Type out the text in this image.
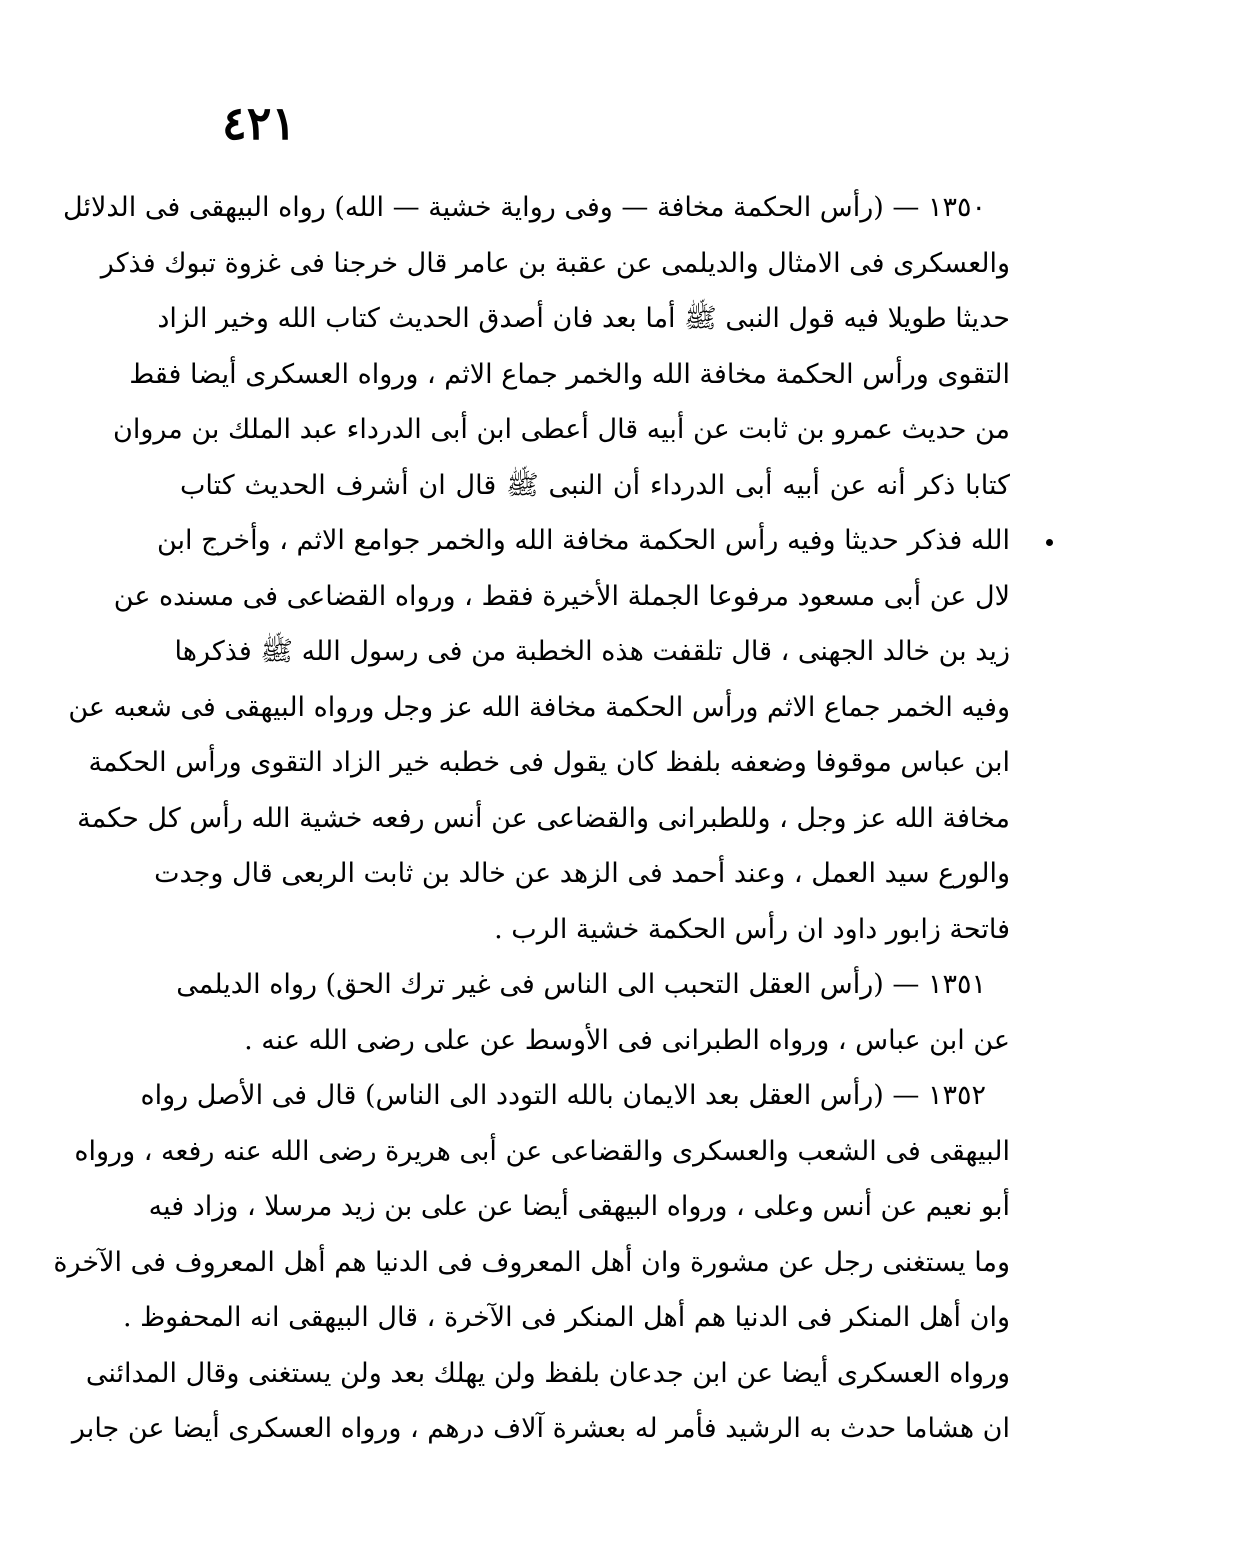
٤٢١
١٣٥٠ — (رأس الحكمة مخافة — وفى رواية خشية — الله) رواه البيهقى فى الدلائل
والعسكرى فى الامثال والديلمى عن عقبة بن عامر قال خرجنا فى غزوة تبوك فذكر
حديثا طويلا فيه قول النبى ﷺ أما بعد فان أصدق الحديث كتاب الله وخير الزاد
التقوى ورأس الحكمة مخافة الله والخمر جماع الاثم ، ورواه العسكرى أيضا فقط
من حديث عمرو بن ثابت عن أبيه قال أعطى ابن أبى الدرداء عبد الملك بن مروان
كتابا ذكر أنه عن أبيه أبى الدرداء أن النبى ﷺ قال ان أشرف الحديث كتاب
الله فذكر حديثا وفيه رأس الحكمة مخافة الله والخمر جوامع الاثم ، وأخرج ابن
لال عن أبى مسعود مرفوعا الجملة الأخيرة فقط ، ورواه القضاعى فى مسنده عن
زيد بن خالد الجهنى ، قال تلقفت هذه الخطبة من فى رسول الله ﷺ فذكرها
وفيه الخمر جماع الاثم ورأس الحكمة مخافة الله عز وجل ورواه البيهقى فى شعبه عن
ابن عباس موقوفا وضعفه بلفظ كان يقول فى خطبه خير الزاد التقوى ورأس الحكمة
مخافة الله عز وجل ، وللطبرانى والقضاعى عن أنس رفعه خشية الله رأس كل حكمة
والورع سيد العمل ، وعند أحمد فى الزهد عن خالد بن ثابت الربعى قال وجدت
فاتحة زابور داود ان رأس الحكمة خشية الرب .
١٣٥١ — (رأس العقل التحبب الى الناس فى غير ترك الحق) رواه الديلمى
عن ابن عباس ، ورواه الطبرانى فى الأوسط عن على رضى الله عنه .
١٣٥٢ — (رأس العقل بعد الايمان بالله التودد الى الناس) قال فى الأصل رواه
البيهقى فى الشعب والعسكرى والقضاعى عن أبى هريرة رضى الله عنه رفعه ، ورواه
أبو نعيم عن أنس وعلى ، ورواه البيهقى أيضا عن على بن زيد مرسلا ، وزاد فيه
وما يستغنى رجل عن مشورة وان أهل المعروف فى الدنيا هم أهل المعروف فى الآخرة
وان أهل المنكر فى الدنيا هم أهل المنكر فى الآخرة ، قال البيهقى انه المحفوظ .
ورواه العسكرى أيضا عن ابن جدعان بلفظ ولن يهلك بعد ولن يستغنى وقال المدائنى
ان هشاما حدث به الرشيد فأمر له بعشرة آلاف درهم ، ورواه العسكرى أيضا عن جابر
